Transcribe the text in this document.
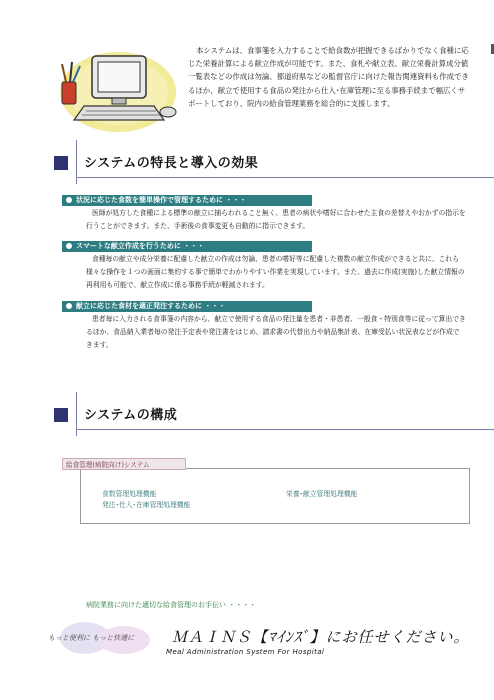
本システムは、食事箋を入力することで給食数が把握できるばかりでなく食種に応じた栄養計算による献立作成が可能です。また、食札や献立表、献立栄養計算成分値一覧表などの作成は勿論、都道府県などの監督官庁に向けた報告関連資料も作成できるほか、献立で使用する食品の発注から仕入･在庫管理に至る事務手続まで幅広くサポートしており、院内の給食管理業務を総合的に支援します。
システムの特長と導入の効果
状況に応じた食数を簡単操作で管理するために ・・・
医師が処方した食種による標準の献立に捕らわれること無く、患者の病状や嗜好に合わせた主食の差替えやおかずの指示を行うことができます。また、手術後の食事変更も自動的に指示できます。
スマートな献立作成を行うために ・・・
食種毎の献立や成分栄養に配慮した献立の作成は勿論、患者の嗜好等に配慮した複数の献立作成ができると共に、これら様々な操作を１つの画面に集約する事で簡単でわかりやすい作業を実現しています。また、過去に作成(実施)した献立情報の再利用も可能で、献立作成に係る事務手続が軽減されます。
献立に応じた食材を適正発注するために ・・・
患者毎に入力される食事箋の内容から、献立で使用する食品の発注量を患者・非患者、一般食・特別食等に従って算出できるほか、食品納入業者毎の発注予定表や発注書をはじめ、請求書の代替出力や納品集計表、在庫受払い状況表などが作成できます。
システムの構成
給食管理(病院向け)システム
食数管理処理機能	栄養･献立管理処理機能
発注･仕入･在庫管理処理機能
病院業務に向けた適切な給食管理のお手伝い ・・・・
もっと便利に もっと快適に	ＭＡＩＮＳ【ﾏｲﾝｽﾞ】にお任せください。
Meal Administration System For Hospital
